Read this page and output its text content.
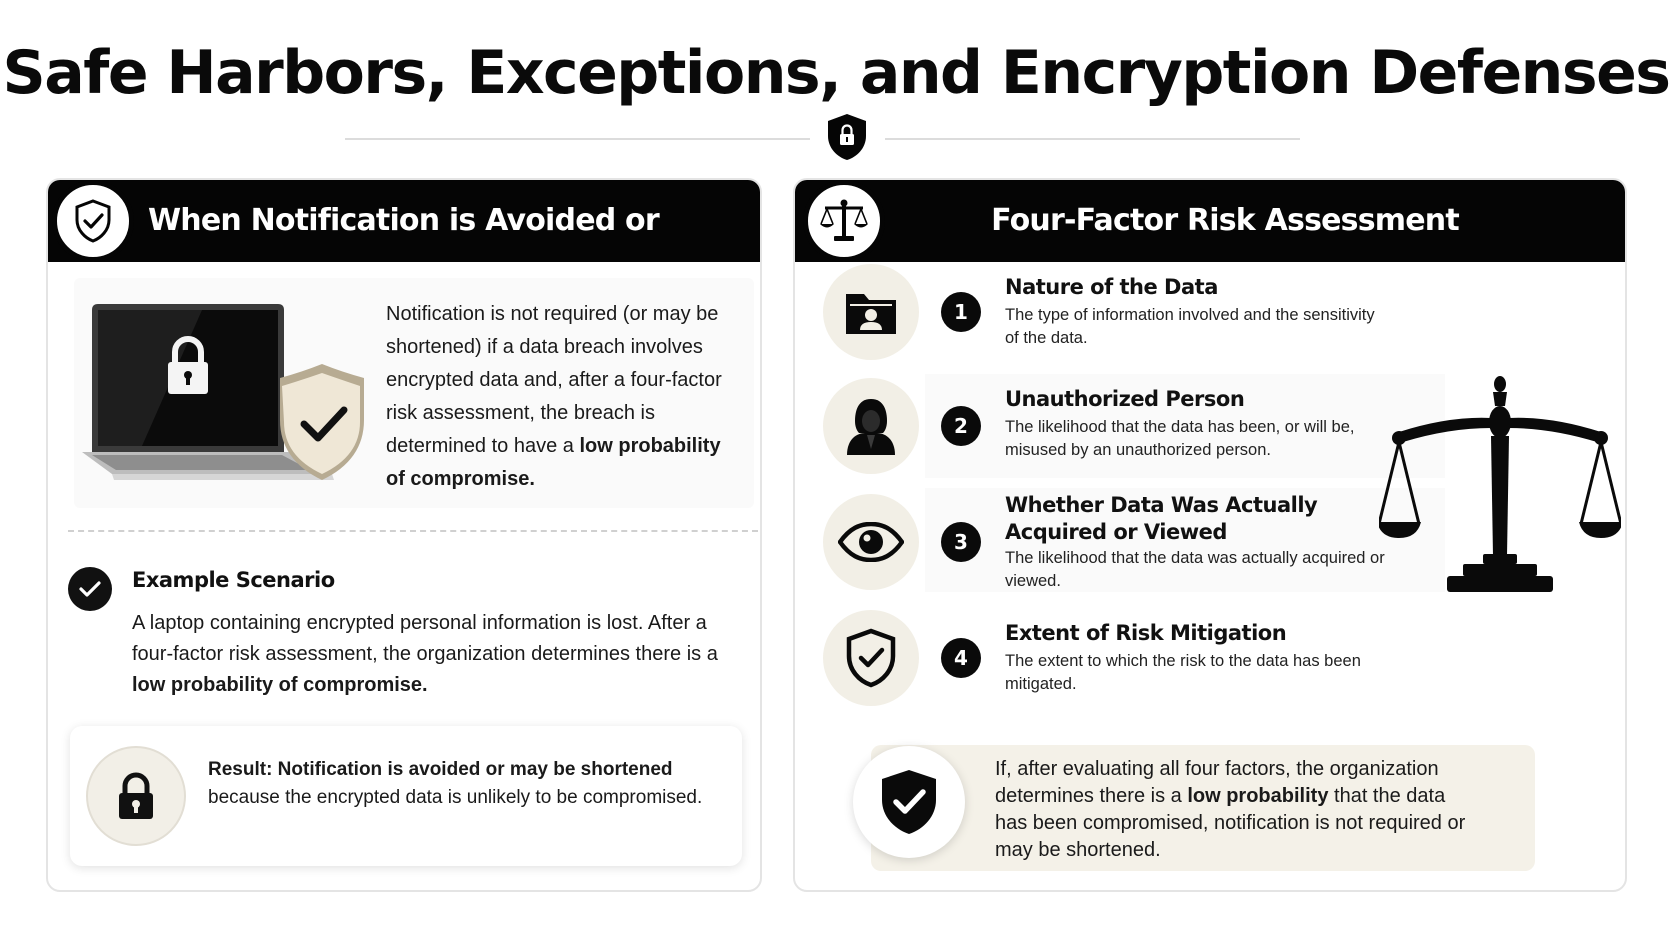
Safe Harbors, Exceptions, and Encryption Defenses
When Notification is Avoided or
Notification is not required (or may be shortened) if a data breach involves encrypted data and, after a four-factor risk assessment, the breach is determined to have a low probability of compromise.
Example Scenario
A laptop containing encrypted personal information is lost. After a four-factor risk assessment, the organization determines there is a low probability of compromise.
Result: Notification is avoided or may be shortened because the encrypted data is unlikely to be compromised.
Four-Factor Risk Assessment
1
Nature of the Data
The type of information involved and the sensitivity of the data.
2
Unauthorized Person
The likelihood that the data has been, or will be, misused by an unauthorized person.
3
Whether Data Was Actually Acquired or Viewed
The likelihood that the data was actually acquired or viewed.
4
Extent of Risk Mitigation
The extent to which the risk to the data has been mitigated.
If, after evaluating all four factors, the organization determines there is a low probability that the data has been compromised, notification is not required or may be shortened.
